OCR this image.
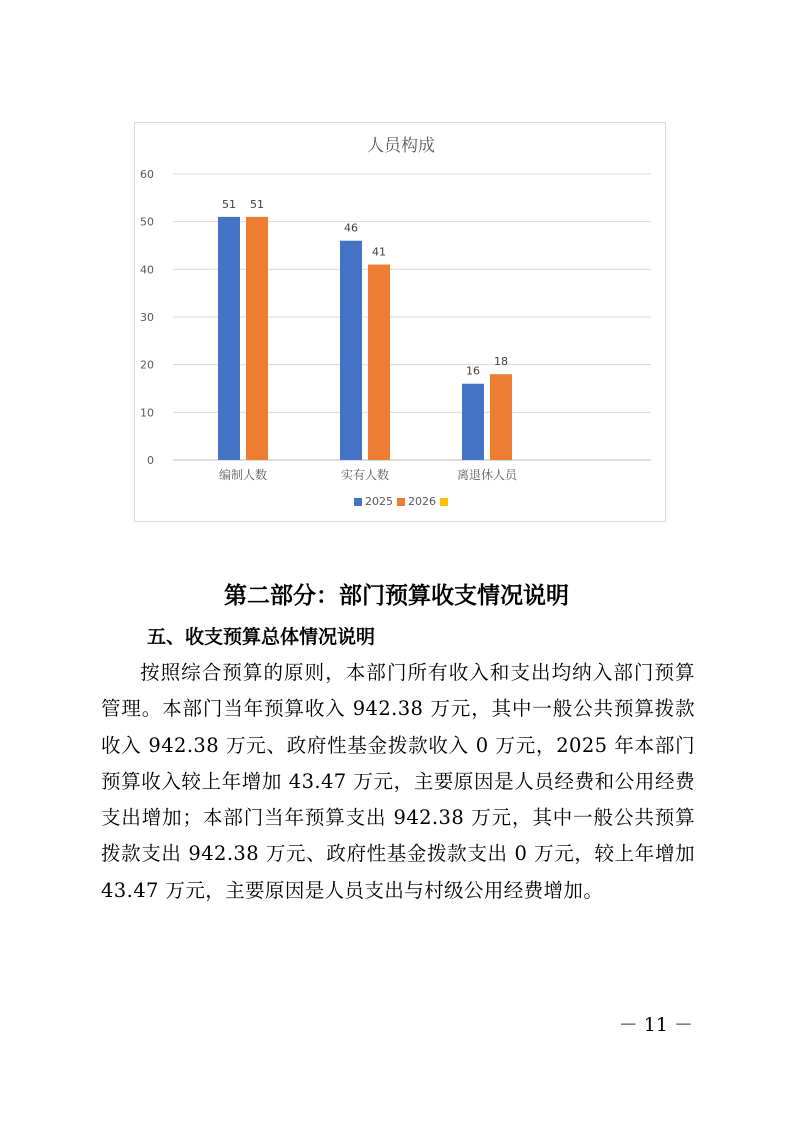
人员构成
0
10
20
30
40
50
60
51 51
编制人数
46
41
实有人数
16
18
离退休人员
2025 2026
第二部分：部门预算收支情况说明
五、收支预算总体情况说明
按照综合预算的原则，本部门所有收入和支出均纳入部门预算管理。本部门当年预算收入 942.38 万元，其中一般公共预算拨款收入 942.38 万元、政府性基金拨款收入 0 万元，2025 年本部门预算收入较上年增加 43.47 万元，主要原因是人员经费和公用经费支出增加；本部门当年预算支出 942.38 万元，其中一般公共预算拨款支出 942.38 万元、政府性基金拨款支出 0 万元，较上年增加 43.47 万元，主要原因是人员支出与村级公用经费增加。
－ 11 －
